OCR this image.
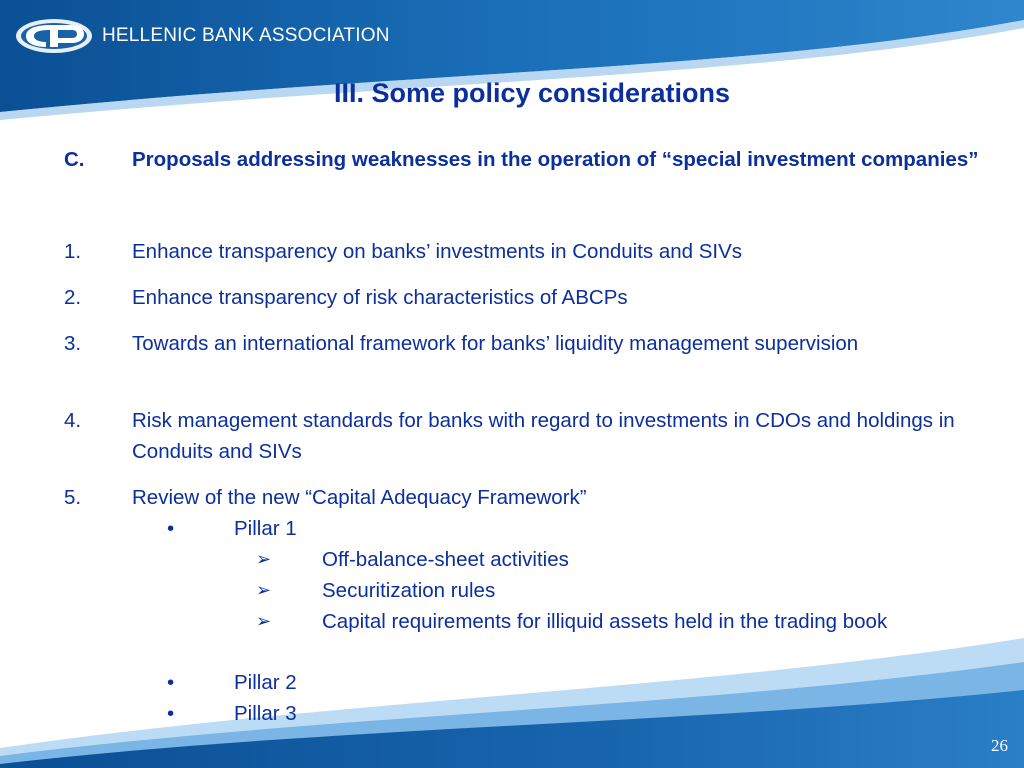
HELLENIC BANK ASSOCIATION
III. Some policy considerations
C. Proposals addressing weaknesses in the operation of “special investment companies”
1. Enhance transparency on banks’ investments in Conduits and SIVs
2. Enhance transparency of risk characteristics of ABCPs
3. Towards an international framework for banks’ liquidity management supervision
4. Risk management standards for banks with regard to investments in CDOs and holdings in Conduits and SIVs
5. Review of the new “Capital Adequacy Framework”
•	Pillar 1
➢ Off-balance-sheet activities
➢ Securitization rules
➢ Capital requirements for illiquid assets held in the trading book
•	Pillar 2
•	Pillar 3
26
